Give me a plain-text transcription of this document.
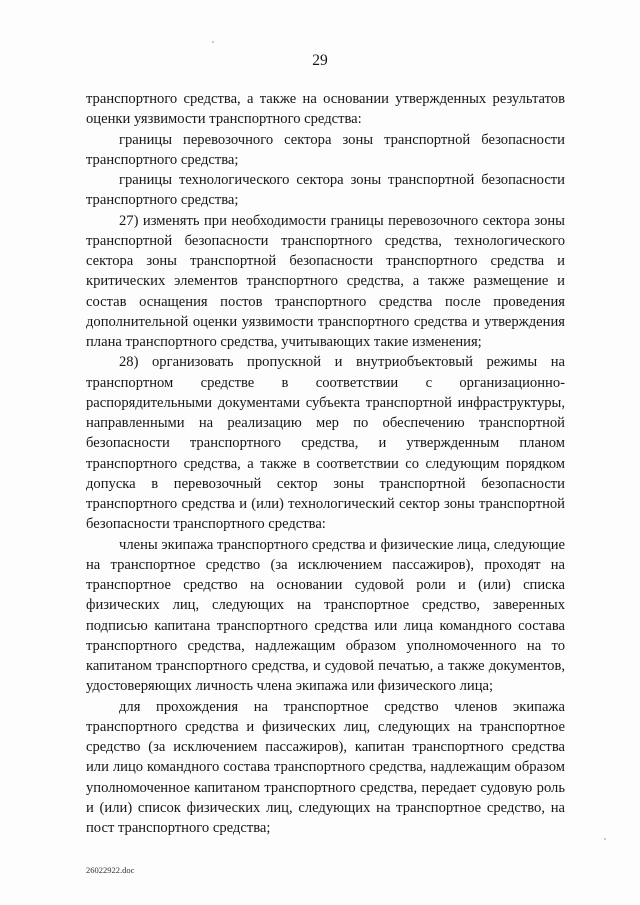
29

транспортного средства, а также на основании утвержденных результатов оценки уязвимости транспортного средства:

границы перевозочного сектора зоны транспортной безопасности транспортного средства;

границы технологического сектора зоны транспортной безопасности транспортного средства;

27) изменять при необходимости границы перевозочного сектора зоны транспортной безопасности транспортного средства, технологического сектора зоны транспортной безопасности транспортного средства и критических элементов транспортного средства, а также размещение и состав оснащения постов транспортного средства после проведения дополнительной оценки уязвимости транспортного средства и утверждения плана транспортного средства, учитывающих такие изменения;

28) организовать пропускной и внутриобъектовый режимы на транспортном средстве в соответствии с организационно-распорядительными документами субъекта транспортной инфраструктуры, направленными на реализацию мер по обеспечению транспортной безопасности транспортного средства, и утвержденным планом транспортного средства, а также в соответствии со следующим порядком допуска в перевозочный сектор зоны транспортной безопасности транспортного средства и (или) технологический сектор зоны транспортной безопасности транспортного средства:

члены экипажа транспортного средства и физические лица, следующие на транспортное средство (за исключением пассажиров), проходят на транспортное средство на основании судовой роли и (или) списка физических лиц, следующих на транспортное средство, заверенных подписью капитана транспортного средства или лица командного состава транспортного средства, надлежащим образом уполномоченного на то капитаном транспортного средства, и судовой печатью, а также документов, удостоверяющих личность члена экипажа или физического лица;

для прохождения на транспортное средство членов экипажа транспортного средства и физических лиц, следующих на транспортное средство (за исключением пассажиров), капитан транспортного средства или лицо командного состава транспортного средства, надлежащим образом уполномоченное капитаном транспортного средства, передает судовую роль и (или) список физических лиц, следующих на транспортное средство, на пост транспортного средства;

26022922.doc
